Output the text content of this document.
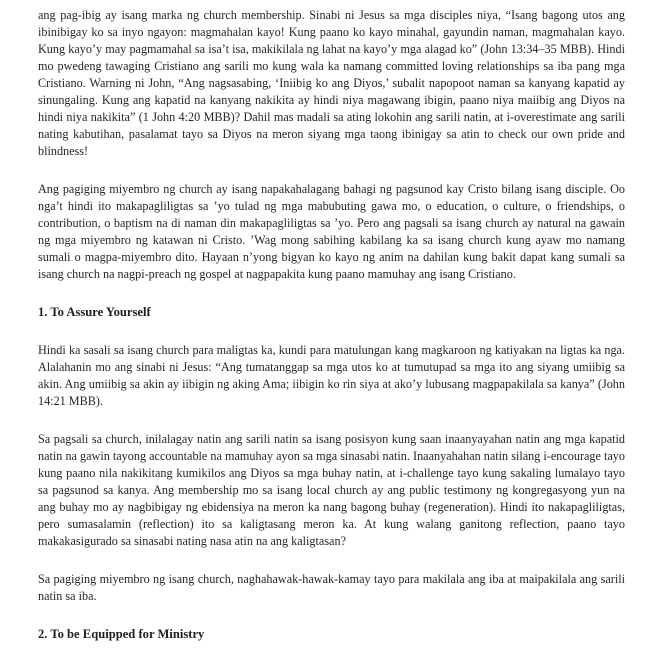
ang pag-ibig ay isang marka ng church membership. Sinabi ni Jesus sa mga disciples niya, “Isang bagong utos ang ibinibigay ko sa inyo ngayon: magmahalan kayo! Kung paano ko kayo minahal, gayundin naman, magmahalan kayo. Kung kayo’y may pagmamahal sa isa’t isa, makikilala ng lahat na kayo’y mga alagad ko” (John 13:34–35 MBB). Hindi mo pwedeng tawaging Cristiano ang sarili mo kung wala ka namang committed loving relationships sa iba pang mga Cristiano. Warning ni John, “Ang nagsasabing, ‘Iniibig ko ang Diyos,’ subalit napopoot naman sa kanyang kapatid ay sinungaling. Kung ang kapatid na kanyang nakikita ay hindi niya magawang ibigin, paano niya maiibig ang Diyos na hindi niya nakikita” (1 John 4:20 MBB)? Dahil mas madali sa ating lokohin ang sarili natin, at i-overestimate ang sarili nating kabutihan, pasalamat tayo sa Diyos na meron siyang mga taong ibinigay sa atin to check our own pride and blindness!

Ang pagiging miyembro ng church ay isang napakahalagang bahagi ng pagsunod kay Cristo bilang isang disciple. Oo nga’t hindi ito makapagliligtas sa ’yo tulad ng mga mabubuting gawa mo, o education, o culture, o friendships, o contribution, o baptism na di naman din makapagliligtas sa ’yo. Pero ang pagsali sa isang church ay natural na gawain ng mga miyembro ng katawan ni Cristo. ’Wag mong sabihing kabilang ka sa isang church kung ayaw mo namang sumali o magpa-miyembro dito. Hayaan n’yong bigyan ko kayo ng anim na dahilan kung bakit dapat kang sumali sa isang church na nagpi-preach ng gospel at nagpapakita kung paano mamuhay ang isang Cristiano.

1. To Assure Yourself

Hindi ka sasali sa isang church para maligtas ka, kundi para matulungan kang magkaroon ng katiyakan na ligtas ka nga. Alalahanin mo ang sinabi ni Jesus: “Ang tumatanggap sa mga utos ko at tumutupad sa mga ito ang siyang umiibig sa akin. Ang umiibig sa akin ay iibigin ng aking Ama; iibigin ko rin siya at ako’y lubusang magpapakilala sa kanya” (John 14:21 MBB).

Sa pagsali sa church, inilalagay natin ang sarili natin sa isang posisyon kung saan inaanyayahan natin ang mga kapatid natin na gawin tayong accountable na mamuhay ayon sa mga sinasabi natin. Inaanyahahan natin silang i-encourage tayo kung paano nila nakikitang kumikilos ang Diyos sa mga buhay natin, at i-challenge tayo kung sakaling lumalayo tayo sa pagsunod sa kanya. Ang membership mo sa isang local church ay ang public testimony ng kongregasyong yun na ang buhay mo ay nagbibigay ng ebidensiya na meron ka nang bagong buhay (regeneration). Hindi ito nakapagliligtas, pero sumasalamin (reflection) ito sa kaligtasang meron ka. At kung walang ganitong reflection, paano tayo makakasigurado sa sinasabi nating nasa atin na ang kaligtasan?

Sa pagiging miyembro ng isang church, naghahawak-hawak-kamay tayo para makilala ang iba at maipakilala ang sarili natin sa iba.

2. To be Equipped for Ministry
